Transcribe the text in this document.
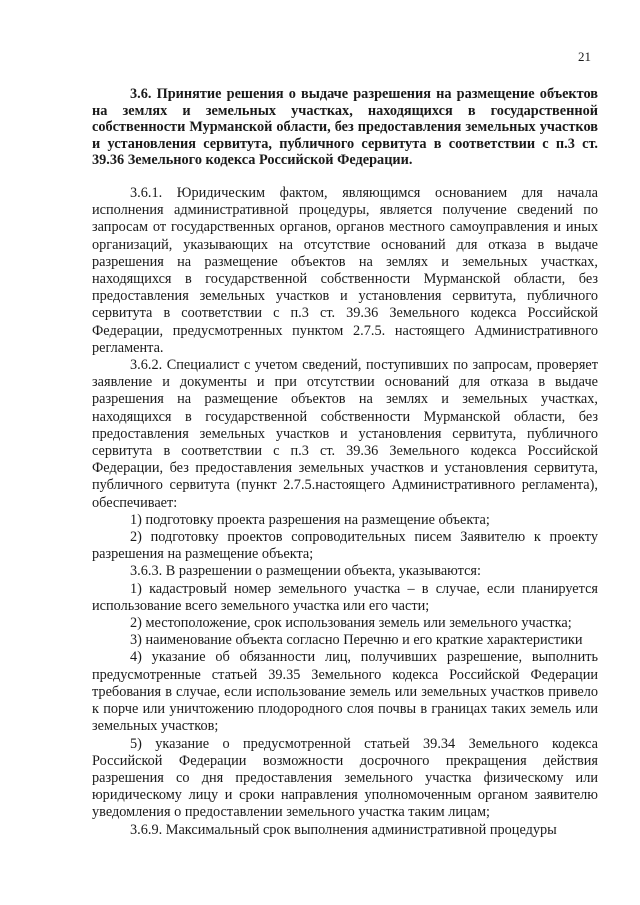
21
3.6. Принятие решения о выдаче разрешения на размещение объектов на землях и земельных участках, находящихся в государственной собственности Мурманской области, без предоставления земельных участков и установления сервитута, публичного сервитута в соответствии с п.3 ст. 39.36 Земельного кодекса Российской Федерации.

3.6.1. Юридическим фактом, являющимся основанием для начала исполнения административной процедуры, является получение сведений по запросам от государственных органов, органов местного самоуправления и иных организаций, указывающих на отсутствие оснований для отказа в выдаче разрешения на размещение объектов на землях и земельных участках, находящихся в государственной собственности Мурманской области, без предоставления земельных участков и установления сервитута, публичного сервитута в соответствии с п.3 ст. 39.36 Земельного кодекса Российской Федерации, предусмотренных пунктом 2.7.5. настоящего Административного регламента.

3.6.2. Специалист с учетом сведений, поступивших по запросам, проверяет заявление и документы и при отсутствии оснований для отказа в выдаче разрешения на размещение объектов на землях и земельных участках, находящихся в государственной собственности Мурманской области, без предоставления земельных участков и установления сервитута, публичного сервитута в соответствии с п.3 ст. 39.36 Земельного кодекса Российской Федерации, без предоставления земельных участков и установления сервитута, публичного сервитута (пункт 2.7.5.настоящего Административного регламента), обеспечивает:

1) подготовку проекта разрешения на размещение объекта;

2) подготовку проектов сопроводительных писем Заявителю к проекту разрешения на размещение объекта;

3.6.3. В разрешении о размещении объекта, указываются:

1) кадастровый номер земельного участка – в случае, если планируется использование всего земельного участка или его части;

2) местоположение, срок использования земель или земельного участка;

3) наименование объекта согласно Перечню и его краткие характеристики

4) указание об обязанности лиц, получивших разрешение, выполнить предусмотренные статьей 39.35 Земельного кодекса Российской Федерации требования в случае, если использование земель или земельных участков привело к порче или уничтожению плодородного слоя почвы в границах таких земель или земельных участков;

5) указание о предусмотренной статьей 39.34 Земельного кодекса Российской Федерации возможности досрочного прекращения действия разрешения со дня предоставления земельного участка физическому или юридическому лицу и сроки направления уполномоченным органом заявителю уведомления о предоставлении земельного участка таким лицам;

3.6.9. Максимальный срок выполнения административной процедуры
